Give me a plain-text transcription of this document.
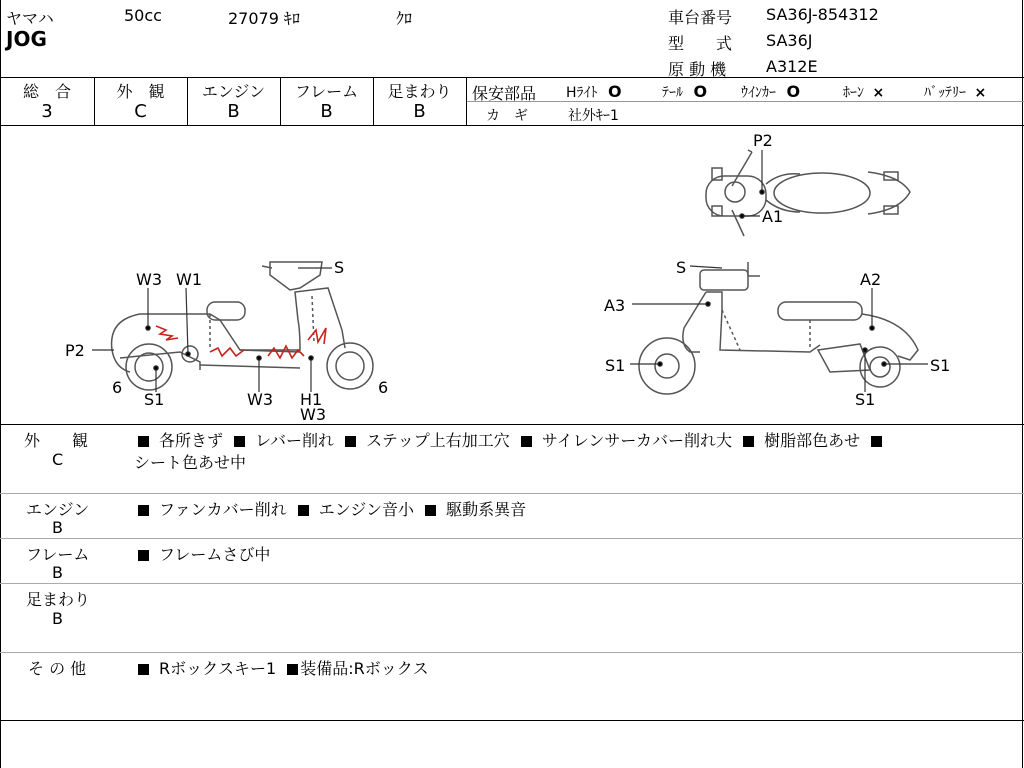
ヤマハ	50cc	27079 ｷﾛ	ｸﾛ
JOG
車台番号 SA36J-854312
型　　式 SA36J
原 動 機 A312E
総　合
3
外　観
C
エンジン
B
フレーム
B
足まわり
B
保安部品 Hﾗｲﾄ O	ﾃｰﾙ O ｳｲﾝｶｰ O	ﾎｰﾝ ×	ﾊﾞｯﾃﾘｰ ×
カ　ギ	社外ｷｰ1
P2
A1
S
W3 W1
P2
6
S1	W3 H1
W3
6
S
A2
A3
S1	S1
S1
外　　観
C
各所きず レバー削れ ステップ上右加工穴 サイレンサーカバー削れ大 樹脂部色あせ
シート色あせ中
エンジン
B
ファンカバー削れ エンジン音小 駆動系異音
フレーム
B
フレームさび中
足まわり
B
そ の 他	Rボックスキー1 装備品:Rボックス
